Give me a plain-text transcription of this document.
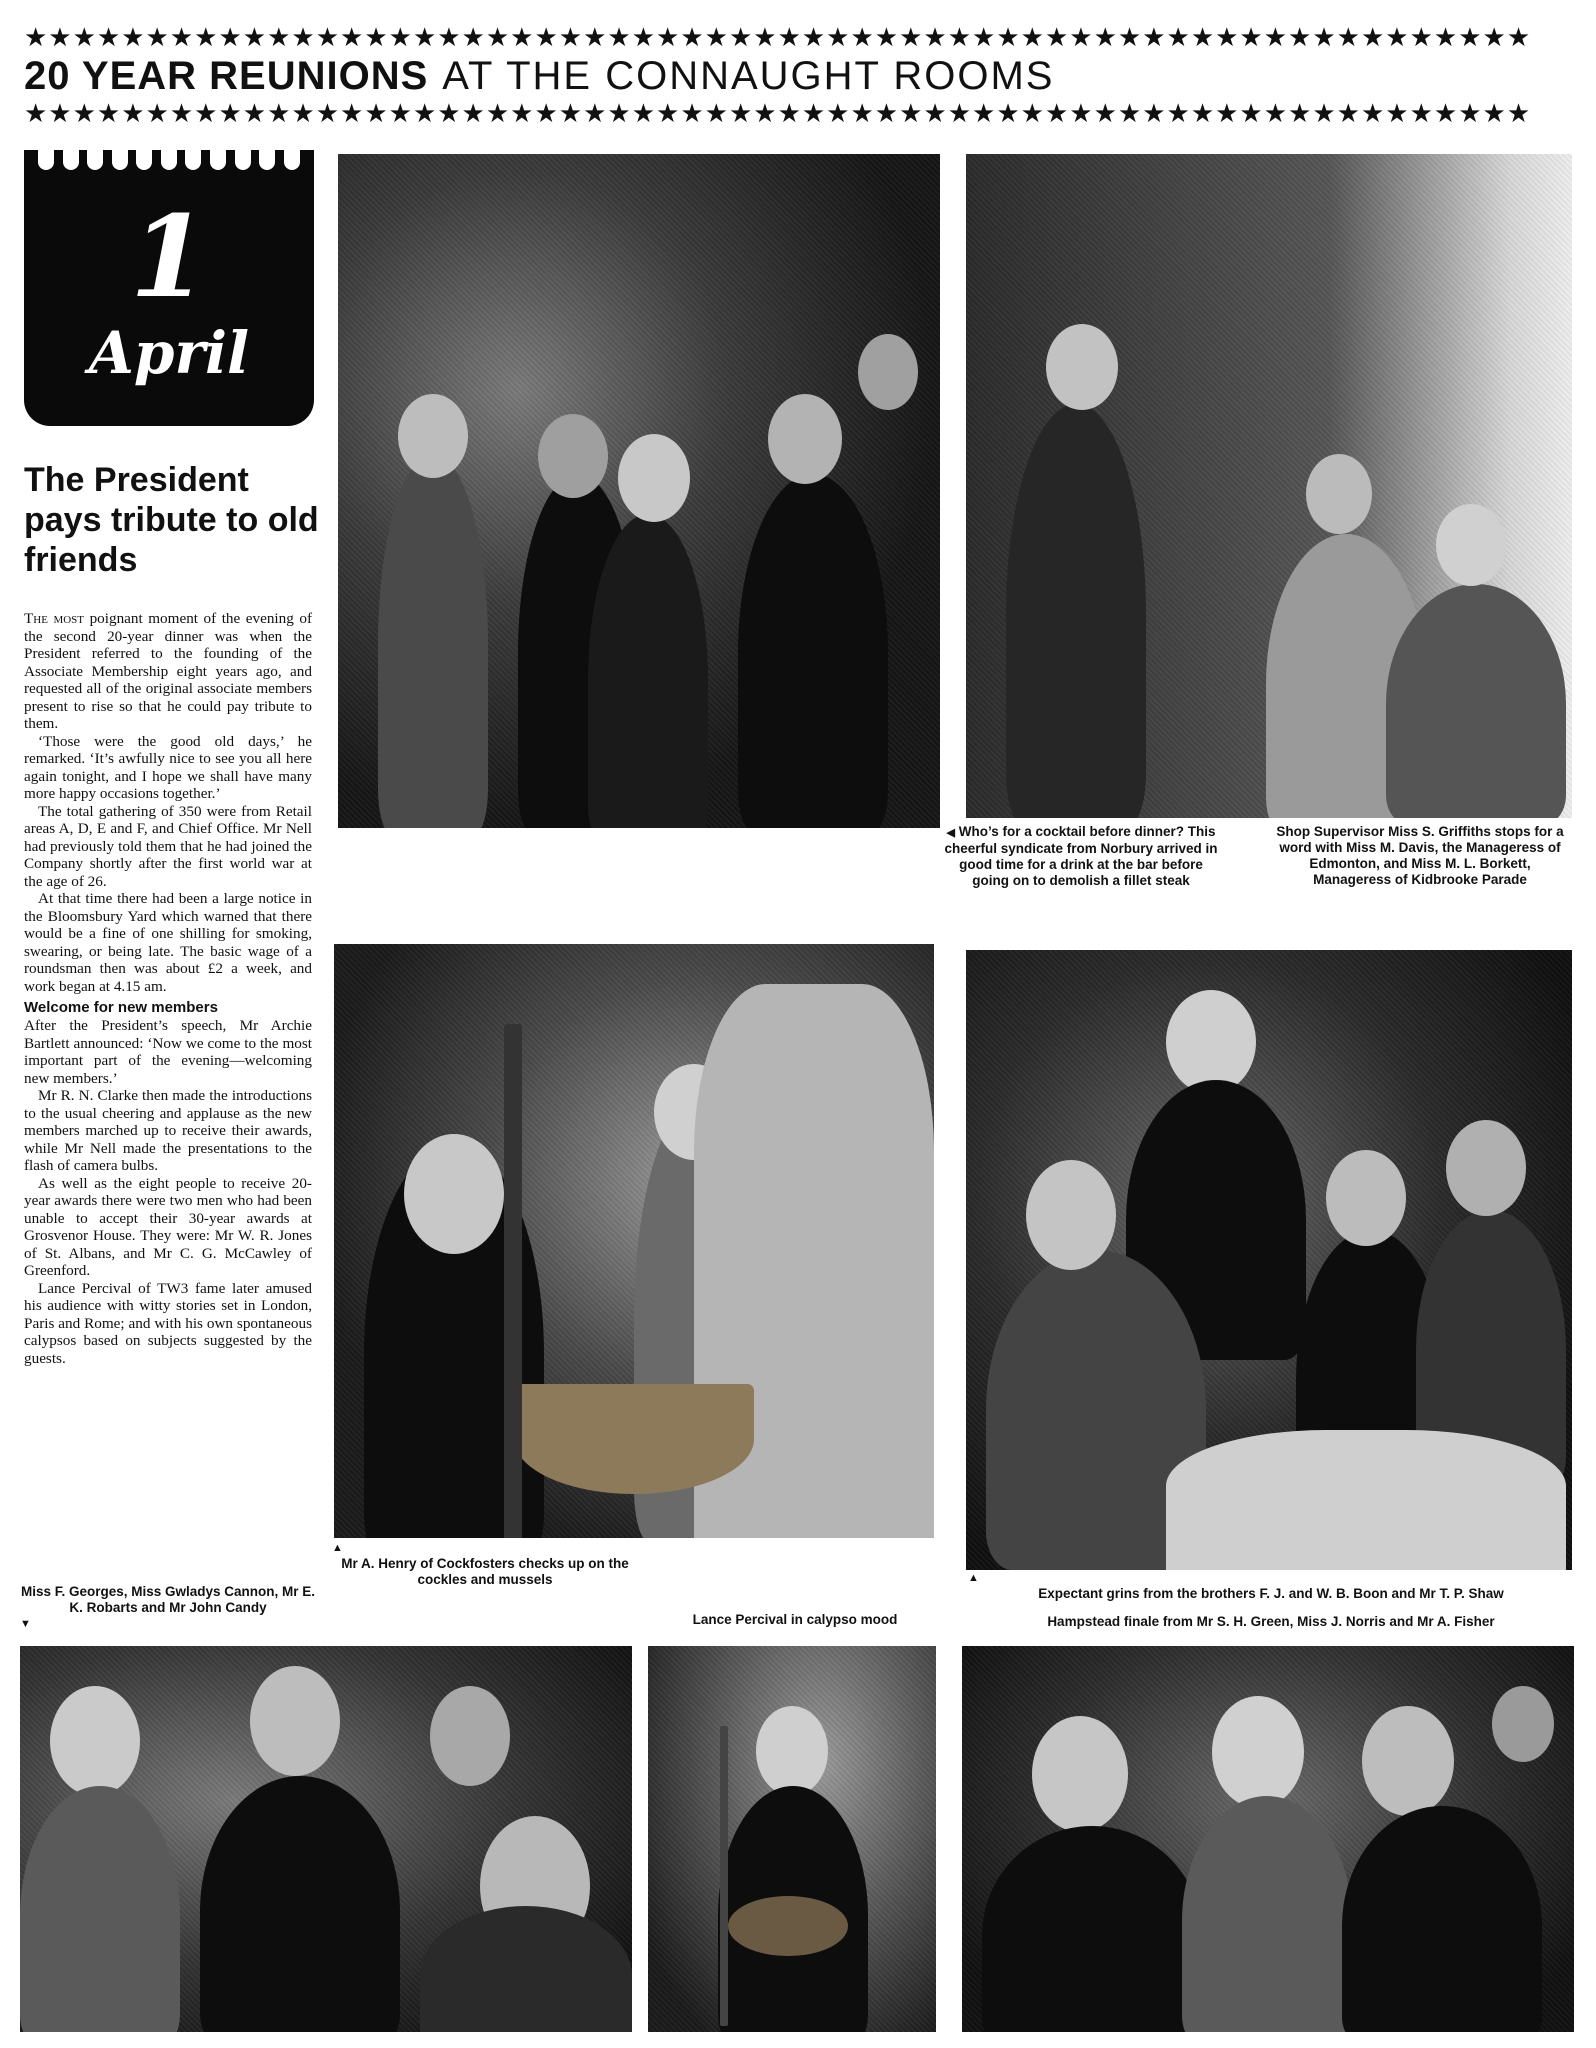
★★★★★★★★★★★★★★★★★★★★★★★★★★★★★★★★★★★★★★★★★★★★★★★★★★★★★★★★★★★★★★
20 YEAR REUNIONS AT THE CONNAUGHT ROOMS
★★★★★★★★★★★★★★★★★★★★★★★★★★★★★★★★★★★★★★★★★★★★★★★★★★★★★★★★★★★★★★
1
April
The President pays tribute to old friends

The most poignant moment of the evening of the second 20-year dinner was when the President referred to the founding of the Associate Membership eight years ago, and requested all of the original associate members present to rise so that he could pay tribute to them.

‘Those were the good old days,’ he remarked. ‘It’s awfully nice to see you all here again tonight, and I hope we shall have many more happy occasions together.’

The total gathering of 350 were from Retail areas A, D, E and F, and Chief Office. Mr Nell had previously told them that he had joined the Company shortly after the first world war at the age of 26.

At that time there had been a large notice in the Bloomsbury Yard which warned that there would be a fine of one shilling for smoking, swearing, or being late. The basic wage of a roundsman then was about £2 a week, and work began at 4.15 am.

Welcome for new members

After the President’s speech, Mr Archie Bartlett announced: ‘Now we come to the most important part of the evening—welcoming new members.’

Mr R. N. Clarke then made the introductions to the usual cheering and applause as the new members marched up to receive their awards, while Mr Nell made the presentations to the flash of camera bulbs.

As well as the eight people to receive 20-year awards there were two men who had been unable to accept their 30-year awards at Grosvenor House. They were: Mr W. R. Jones of St. Albans, and Mr C. G. McCawley of Greenford.

Lance Percival of TW3 fame later amused his audience with witty stories set in London, Paris and Rome; and with his own spontaneous calypsos based on subjects suggested by the guests.

◀ Who’s for a cocktail before dinner? This cheerful syndicate from Norbury arrived in good time for a drink at the bar before going on to demolish a fillet steak
Shop Supervisor Miss S. Griffiths stops for a word with Miss M. Davis, the Manageress of Edmonton, and Miss M. L. Borkett, Manageress of Kidbrooke Parade
Miss F. Georges, Miss Gwladys Cannon, Mr E. K. Robarts and Mr John Candy

▼
▲
Mr A. Henry of Cockfosters checks up on the cockles and mussels
Lance Percival in calypso mood
▲
Expectant grins from the brothers F. J. and W. B. Boon and Mr T. P. Shaw
Hampstead finale from Mr S. H. Green, Miss J. Norris and Mr A. Fisher
